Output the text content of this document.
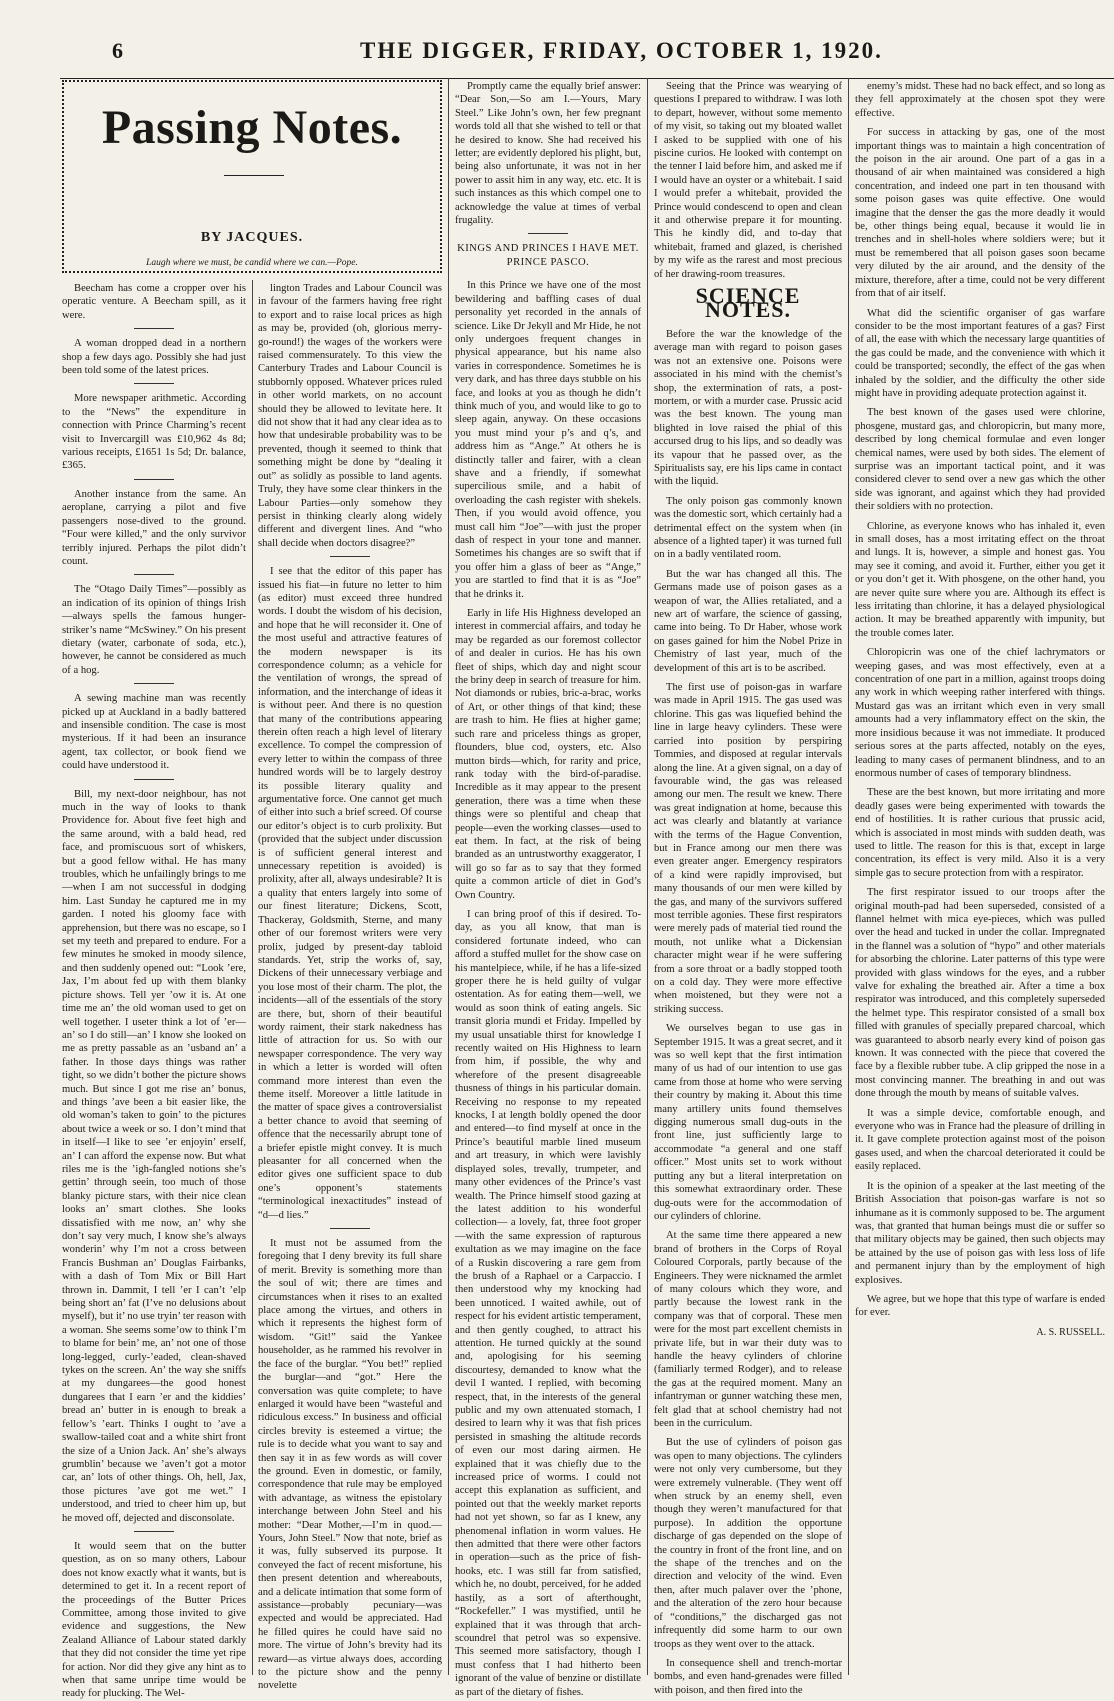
6	THE DIGGER, FRIDAY, OCTOBER 1, 1920.
Passing Notes.
BY JACQUES.
Laugh where we must, be candid where we can.—Pope.

Beecham has come a cropper over his operatic venture. A Beecham spill, as it were.

A woman dropped dead in a northern shop a few days ago. Possibly she had just been told some of the latest prices.

More newspaper arithmetic. According to the “News” the expenditure in connection with Prince Charming’s recent visit to Invercargill was £10,962 4s 8d; various receipts, £1651 1s 5d; Dr. balance, £365.

Another instance from the same. An aeroplane, carrying a pilot and five passengers nose-dived to the ground. “Four were killed,” and the only survivor terribly injured. Perhaps the pilot didn’t count.

The “Otago Daily Times”—possibly as an indication of its opinion of things Irish—always spells the famous hunger-striker’s name “McSwiney.” On his present dietary (water, carbonate of soda, etc.), however, he cannot be considered as much of a hog.

A sewing machine man was recently picked up at Auckland in a badly battered and insensible condition. The case is most mysterious. If it had been an insurance agent, tax collector, or book fiend we could have understood it.

Bill, my next-door neighbour, has not much in the way of looks to thank Providence for. About five feet high and the same around, with a bald head, red face, and promiscuous sort of whiskers, but a good fellow withal. He has many troubles, which he unfailingly brings to me—when I am not successful in dodging him. Last Sunday he captured me in my garden. I noted his gloomy face with apprehension, but there was no escape, so I set my teeth and prepared to endure. For a few minutes he smoked in moody silence, and then suddenly opened out: “Look ’ere, Jax, I’m about fed up with them blanky picture shows. Tell yer ’ow it is. At one time me an’ the old woman used to get on well together. I useter think a lot of ’er—an’ so I do still—an’ I know she looked on me as pretty passable as an ’usband an’ a father. In those days things was rather tight, so we didn’t bother the picture shows much. But since I got me rise an’ bonus, and things ’ave been a bit easier like, the old woman’s taken to goin’ to the pictures about twice a week or so. I don’t mind that in itself—I like to see ’er enjoyin’ erself, an’ I can afford the expense now. But what riles me is the ’igh-fangled notions she’s gettin’ through seein, too much of those blanky picture stars, with their nice clean looks an’ smart clothes. She looks dissatisfied with me now, an’ why she don’t say very much, I know she’s always wonderin’ why I’m not a cross between Francis Bushman an’ Douglas Fairbanks, with a dash of Tom Mix or Bill Hart thrown in. Dammit, I tell ’er I can’t ’elp being short an’ fat (I’ve no delusions about myself), but it’ no use tryin’ ter reason with a woman. She seems some’ow to think I’m to blame for bein’ me, an’ not one of those long-legged, curly-’eaded, clean-shaved tykes on the screen. An’ the way she sniffs at my dungarees—the good honest dungarees that I earn ’er and the kiddies’ bread an’ butter in is enough to break a fellow’s ’eart. Thinks I ought to ’ave a swallow-tailed coat and a white shirt front the size of a Union Jack. An’ she’s always grumblin’ because we ’aven’t got a motor car, an’ lots of other things. Oh, hell, Jax, those pictures ’ave got me wet.” I understood, and tried to cheer him up, but he moved off, dejected and disconsolate.

It would seem that on the butter question, as on so many others, Labour does not know exactly what it wants, but is determined to get it. In a recent report of the proceedings of the Butter Prices Committee, among those invited to give evidence and suggestions, the New Zealand Alliance of Labour stated darkly that they did not consider the time yet ripe for action. Nor did they give any hint as to when that same unripe time would be ready for plucking. The Wel-

lington Trades and Labour Council was in favour of the farmers having free right to export and to raise local prices as high as may be, provided (oh, glorious merry-go-round!) the wages of the workers were raised commensurately. To this view the Canterbury Trades and Labour Council is stubbornly opposed. Whatever prices ruled in other world markets, on no account should they be allowed to levitate here. It did not show that it had any clear idea as to how that undesirable probability was to be prevented, though it seemed to think that something might be done by “dealing it out” as solidly as possible to land agents. Truly, they have some clear thinkers in the Labour Parties—only somehow they persist in thinking clearly along widely different and divergent lines. And “who shall decide when doctors disagree?”

I see that the editor of this paper has issued his fiat—in future no letter to him (as editor) must exceed three hundred words. I doubt the wisdom of his decision, and hope that he will reconsider it. One of the most useful and attractive features of the modern newspaper is its correspondence column; as a vehicle for the ventilation of wrongs, the spread of information, and the interchange of ideas it is without peer. And there is no question that many of the contributions appearing therein often reach a high level of literary excellence. To compel the compression of every letter to within the compass of three hundred words will be to largely destroy its possible literary quality and argumentative force. One cannot get much of either into such a brief screed. Of course our editor’s object is to curb prolixity. But (provided that the subject under discussion is of sufficient general interest and unnecessary repetition is avoided) is prolixity, after all, always undesirable? It is a quality that enters largely into some of our finest literature; Dickens, Scott, Thackeray, Goldsmith, Sterne, and many other of our foremost writers were very prolix, judged by present-day tabloid standards. Yet, strip the works of, say, Dickens of their unnecessary verbiage and you lose most of their charm. The plot, the incidents—all of the essentials of the story are there, but, shorn of their beautiful wordy raiment, their stark nakedness has little of attraction for us. So with our newspaper correspondence. The very way in which a letter is worded will often command more interest than even the theme itself. Moreover a little latitude in the matter of space gives a controversialist a better chance to avoid that seeming of offence that the necessarily abrupt tone of a briefer epistle might convey. It is much pleasanter for all concerned when the editor gives one sufficient space to dub one’s opponent’s statements “terminological inexactitudes” instead of “d—d lies.”

It must not be assumed from the foregoing that I deny brevity its full share of merit. Brevity is something more than the soul of wit; there are times and circumstances when it rises to an exalted place among the virtues, and others in which it represents the highest form of wisdom. “Git!” said the Yankee householder, as he rammed his revolver in the face of the burglar. “You bet!” replied the burglar—and “got.” Here the conversation was quite complete; to have enlarged it would have been “wasteful and ridiculous excess.” In business and official circles brevity is esteemed a virtue; the rule is to decide what you want to say and then say it in as few words as will cover the ground. Even in domestic, or family, correspondence that rule may be employed with advantage, as witness the epistolary interchange between John Steel and his mother: “Dear Mother,—I’m in quod.—Yours, John Steel.” Now that note, brief as it was, fully subserved its purpose. It conveyed the fact of recent misfortune, his then present detention and whereabouts, and a delicate intimation that some form of assistance—probably pecuniary—was expected and would be appreciated. Had he filled quires he could have said no more. The virtue of John’s brevity had its reward—as virtue always does, according to the picture show and the penny novelette

Promptly came the equally brief answer: “Dear Son,—So am I.—Yours, Mary Steel.” Like John’s own, her few pregnant words told all that she wished to tell or that he desired to know. She had received his letter; are evidently deplored his plight, but, being also unfortunate, it was not in her power to assit him in any way, etc. etc. It is such instances as this which compel one to acknowledge the value at times of verbal frugality.

KINGS AND PRINCES I HAVE MET. PRINCE PASCO.

In this Prince we have one of the most bewildering and baffling cases of dual personality yet recorded in the annals of science. Like Dr Jekyll and Mr Hide, he not only undergoes frequent changes in physical appearance, but his name also varies in correspondence. Sometimes he is very dark, and has three days stubble on his face, and looks at you as though he didn’t think much of you, and would like to go to sleep again, anyway. On these occasions you must mind your p’s and q’s, and address him as “Ange.” At others he is distinctly taller and fairer, with a clean shave and a friendly, if somewhat supercilious smile, and a habit of overloading the cash register with shekels. Then, if you would avoid offence, you must call him “Joe”—with just the proper dash of respect in your tone and manner. Sometimes his changes are so swift that if you offer him a glass of beer as “Ange,” you are startled to find that it is as “Joe” that he drinks it.

Early in life His Highness developed an interest in commercial affairs, and today he may be regarded as our foremost collector of and dealer in curios. He has his own fleet of ships, which day and night scour the briny deep in search of treasure for him. Not diamonds or rubies, bric-a-brac, works of Art, or other things of that kind; these are trash to him. He flies at higher game; such rare and priceless things as groper, flounders, blue cod, oysters, etc. Also mutton birds—which, for rarity and price, rank today with the bird-of-paradise. Incredible as it may appear to the present generation, there was a time when these things were so plentiful and cheap that people—even the working classes—used to eat them. In fact, at the risk of being branded as an untrustworthy exaggerator, I will go so far as to say that they formed quite a common article of diet in God’s Own Country.

I can bring proof of this if desired. To-day, as you all know, that man is considered fortunate indeed, who can afford a stuffed mullet for the show case on his mantelpiece, while, if he has a life-sized groper there he is held guilty of vulgar ostentation. As for eating them—well, we would as soon think of eating angels. Sic transit gloria mundi et Friday. Impelled by my usual unsatiable thirst for knowledge I recently waited on His Highness to learn from him, if possible, the why and wherefore of the present disagreeable thusness of things in his particular domain. Receiving no response to my repeated knocks, I at length boldly opened the door and entered—to find myself at once in the Prince’s beautiful marble lined museum and art treasury, in which were lavishly displayed soles, trevally, trumpeter, and many other evidences of the Prince’s vast wealth. The Prince himself stood gazing at the latest addition to his wonderful collection— a lovely, fat, three foot groper—with the same expression of rapturous exultation as we may imagine on the face of a Ruskin discovering a rare gem from the brush of a Raphael or a Carpaccio. I then understood why my knocking had been unnoticed. I waited awhile, out of respect for his evident artistic temperament, and then gently coughed, to attract his attention. He turned quickly at the sound and, apologising for his seeming discourtesy, demanded to know what the devil I wanted. I replied, with becoming respect, that, in the interests of the general public and my own attenuated stomach, I desired to learn why it was that fish prices persisted in smashing the altitude records of even our most daring airmen. He explained that it was chiefly due to the increased price of worms. I could not accept this explanation as sufficient, and pointed out that the weekly market reports had not yet shown, so far as I knew, any phenomenal inflation in worm values. He then admitted that there were other factors in operation—such as the price of fish-hooks, etc. I was still far from satisfied, which he, no doubt, perceived, for he added hastily, as a sort of afterthought, “Rockefeller.” I was mystified, until he explained that it was through that arch-scoundrel that petrol was so expensive. This seemed more satisfactory, though I must confess that I had hitherto been ignorant of the value of benzine or distillate as part of the dietary of fishes.

Seeing that the Prince was wearying of questions I prepared to withdraw. I was loth to depart, however, without some memento of my visit, so taking out my bloated wallet I asked to be supplied with one of his piscine curios. He looked with contempt on the tenner I laid before him, and asked me if I would have an oyster or a whitebait. I said I would prefer a whitebait, provided the Prince would condescend to open and clean it and otherwise prepare it for mounting. This he kindly did, and to-day that whitebait, framed and glazed, is cherished by my wife as the rarest and most precious of her drawing-room treasures.

SCIENCE NOTES.

Before the war the knowledge of the average man with regard to poison gases was not an extensive one. Poisons were associated in his mind with the chemist’s shop, the extermination of rats, a post-mortem, or with a murder case. Prussic acid was the best known. The young man blighted in love raised the phial of this accursed drug to his lips, and so deadly was its vapour that he passed over, as the Spiritualists say, ere his lips came in contact with the liquid.

The only poison gas commonly known was the domestic sort, which certainly had a detrimental effect on the system when (in absence of a lighted taper) it was turned full on in a badly ventilated room.

But the war has changed all this. The Germans made use of poison gases as a weapon of war, the Allies retaliated, and a new art of warfare, the science of gassing, came into being. To Dr Haber, whose work on gases gained for him the Nobel Prize in Chemistry of last year, much of the development of this art is to be ascribed.

The first use of poison-gas in warfare was made in April 1915. The gas used was chlorine. This gas was liquefied behind the line in large heavy cylinders. These were carried into position by perspiring Tommies, and disposed at regular intervals along the line. At a given signal, on a day of favourable wind, the gas was released among our men. The result we knew. There was great indignation at home, because this act was clearly and blatantly at variance with the terms of the Hague Convention, but in France among our men there was even greater anger. Emergency respirators of a kind were rapidly improvised, but many thousands of our men were killed by the gas, and many of the survivors suffered most terrible agonies. These first respirators were merely pads of material tied round the mouth, not unlike what a Dickensian character might wear if he were suffering from a sore throat or a badly stopped tooth on a cold day. They were more effective when moistened, but they were not a striking success.

We ourselves began to use gas in September 1915. It was a great secret, and it was so well kept that the first intimation many of us had of our intention to use gas came from those at home who were serving their country by making it. About this time many artillery units found themselves digging numerous small dug-outs in the front line, just sufficiently large to accommodate “a general and one staff officer.” Most units set to work without putting any but a literal interpretation on this somewhat extraordinary order. These dug-outs were for the accommodation of our cylinders of chlorine.

At the same time there appeared a new brand of brothers in the Corps of Royal Coloured Corporals, partly because of the Engineers. They were nicknamed the armlet of many colours which they wore, and partly because the lowest rank in the company was that of corporal. These men were for the most part excellent chemists in private life, but in war their duty was to handle the heavy cylinders of chlorine (familiarly termed Rodger), and to release the gas at the required moment. Many an infantryman or gunner watching these men, felt glad that at school chemistry had not been in the curriculum.

But the use of cylinders of poison gas was open to many objections. The cylinders were not only very cumbersome, but they were extremely vulnerable. (They went off when struck by an enemy shell, even though they weren’t manufactured for that purpose). In addition the opportune discharge of gas depended on the slope of the country in front of the front line, and on the shape of the trenches and on the direction and velocity of the wind. Even then, after much palaver over the ’phone, and the alteration of the zero hour because of “conditions,” the discharged gas not infrequently did some harm to our own troops as they went over to the attack.

In consequence shell and trench-mortar bombs, and even hand-grenades were filled with poison, and then fired into the

enemy’s midst. These had no back effect, and so long as they fell approximately at the chosen spot they were effective.

For success in attacking by gas, one of the most important things was to maintain a high concentration of the poison in the air around. One part of a gas in a thousand of air when maintained was considered a high concentration, and indeed one part in ten thousand with some poison gases was quite effective. One would imagine that the denser the gas the more deadly it would be, other things being equal, because it would lie in trenches and in shell-holes where soldiers were; but it must be remembered that all poison gases soon became very diluted by the air around, and the density of the mixture, therefore, after a time, could not be very different from that of air itself.

What did the scientific organiser of gas warfare consider to be the most important features of a gas? First of all, the ease with which the necessary large quantities of the gas could be made, and the convenience with which it could be transported; secondly, the effect of the gas when inhaled by the soldier, and the difficulty the other side might have in providing adequate protection against it.

The best known of the gases used were chlorine, phosgene, mustard gas, and chloropicrin, but many more, described by long chemical formulae and even longer chemical names, were used by both sides. The element of surprise was an important tactical point, and it was considered clever to send over a new gas which the other side was ignorant, and against which they had provided their soldiers with no protection.

Chlorine, as everyone knows who has inhaled it, even in small doses, has a most irritating effect on the throat and lungs. It is, however, a simple and honest gas. You may see it coming, and avoid it. Further, either you get it or you don’t get it. With phosgene, on the other hand, you are never quite sure where you are. Although its effect is less irritating than chlorine, it has a delayed physiological action. It may be breathed apparently with impunity, but the trouble comes later.

Chloropicrin was one of the chief lachrymators or weeping gases, and was most effectively, even at a concentration of one part in a million, against troops doing any work in which weeping rather interfered with things. Mustard gas was an irritant which even in very small amounts had a very inflammatory effect on the skin, the more insidious because it was not immediate. It produced serious sores at the parts affected, notably on the eyes, leading to many cases of permanent blindness, and to an enormous number of cases of temporary blindness.

These are the best known, but more irritating and more deadly gases were being experimented with towards the end of hostilities. It is rather curious that prussic acid, which is associated in most minds with sudden death, was used to little. The reason for this is that, except in large concentration, its effect is very mild. Also it is a very simple gas to secure protection from with a respirator.

The first respirator issued to our troops after the original mouth-pad had been superseded, consisted of a flannel helmet with mica eye-pieces, which was pulled over the head and tucked in under the collar. Impregnated in the flannel was a solution of “hypo” and other materials for absorbing the chlorine. Later patterns of this type were provided with glass windows for the eyes, and a rubber valve for exhaling the breathed air. After a time a box respirator was introduced, and this completely superseded the helmet type. This respirator consisted of a small box filled with granules of specially prepared charcoal, which was guaranteed to absorb nearly every kind of poison gas known. It was connected with the piece that covered the face by a flexible rubber tube. A clip gripped the nose in a most convincing manner. The breathing in and out was done through the mouth by means of suitable valves.

It was a simple device, comfortable enough, and everyone who was in France had the pleasure of drilling in it. It gave complete protection against most of the poison gases used, and when the charcoal deteriorated it could be easily replaced.

It is the opinion of a speaker at the last meeting of the British Association that poison-gas warfare is not so inhumane as it is commonly supposed to be. The argument was, that granted that human beings must die or suffer so that military objects may be gained, then such objects may be attained by the use of poison gas with less loss of life and permanent injury than by the employment of high explosives.

We agree, but we hope that this type of warfare is ended for ever.

A. S. RUSSELL.
